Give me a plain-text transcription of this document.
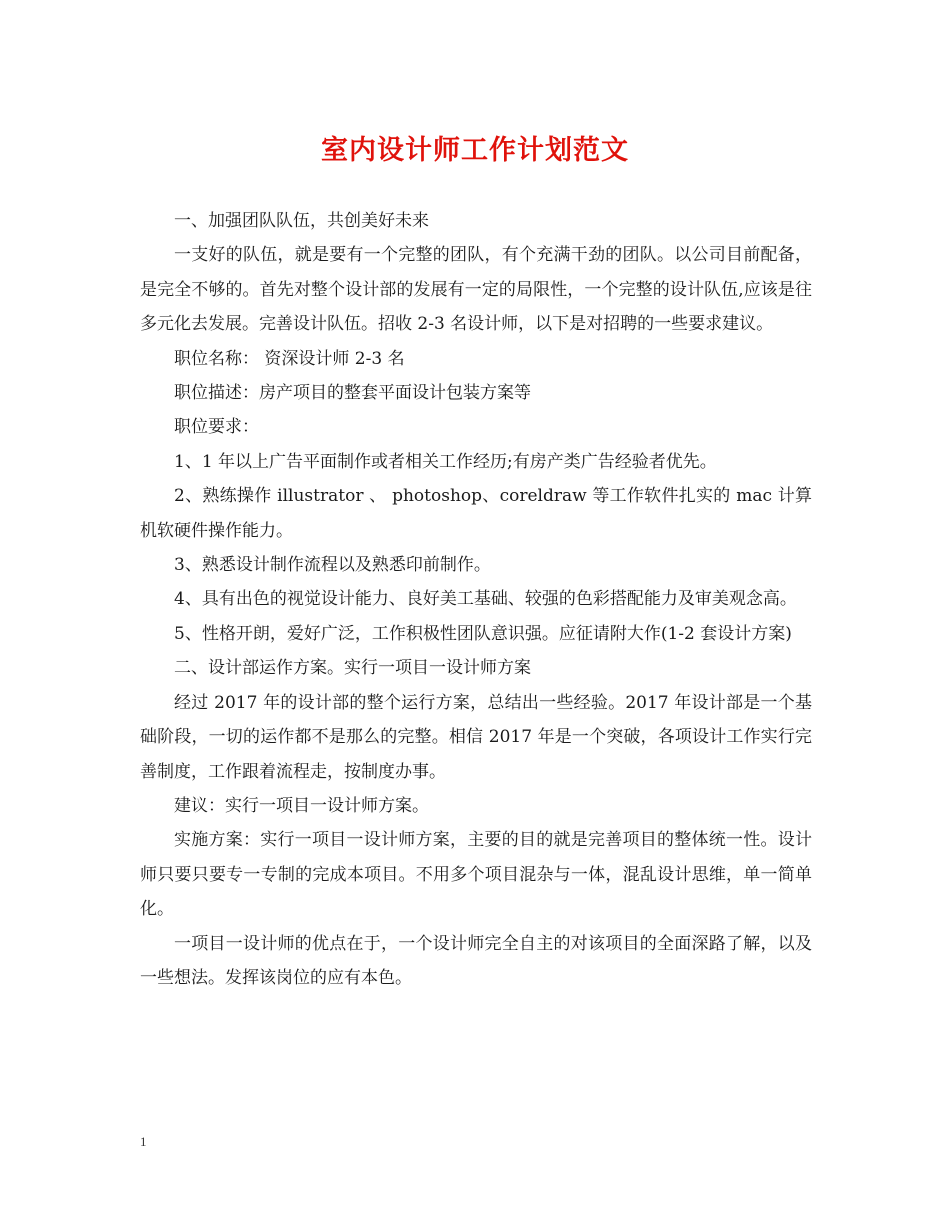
室内设计师工作计划范文

一、加强团队队伍，共创美好未来

一支好的队伍，就是要有一个完整的团队，有个充满干劲的团队。以公司目前配备，是完全不够的。首先对整个设计部的发展有一定的局限性，一个完整的设计队伍,应该是往多元化去发展。完善设计队伍。招收 2-3 名设计师，以下是对招聘的一些要求建议。

职位名称： 资深设计师 2-3 名

职位描述：房产项目的整套平面设计包装方案等

职位要求：

1、1 年以上广告平面制作或者相关工作经历;有房产类广告经验者优先。

2、熟练操作 illustrator 、 photoshop、coreldraw 等工作软件扎实的 mac 计算机软硬件操作能力。

3、熟悉设计制作流程以及熟悉印前制作。

4、具有出色的视觉设计能力、良好美工基础、较强的色彩搭配能力及审美观念高。

5、性格开朗，爱好广泛，工作积极性团队意识强。应征请附大作(1-2 套设计方案)

二、设计部运作方案。实行一项目一设计师方案

经过 2017 年的设计部的整个运行方案，总结出一些经验。2017 年设计部是一个基础阶段，一切的运作都不是那么的完整。相信 2017 年是一个突破，各项设计工作实行完善制度，工作跟着流程走，按制度办事。

建议：实行一项目一设计师方案。

实施方案：实行一项目一设计师方案，主要的目的就是完善项目的整体统一性。设计师只要只要专一专制的完成本项目。不用多个项目混杂与一体，混乱设计思维，单一简单化。

一项目一设计师的优点在于，一个设计师完全自主的对该项目的全面深路了解，以及一些想法。发挥该岗位的应有本色。

1
